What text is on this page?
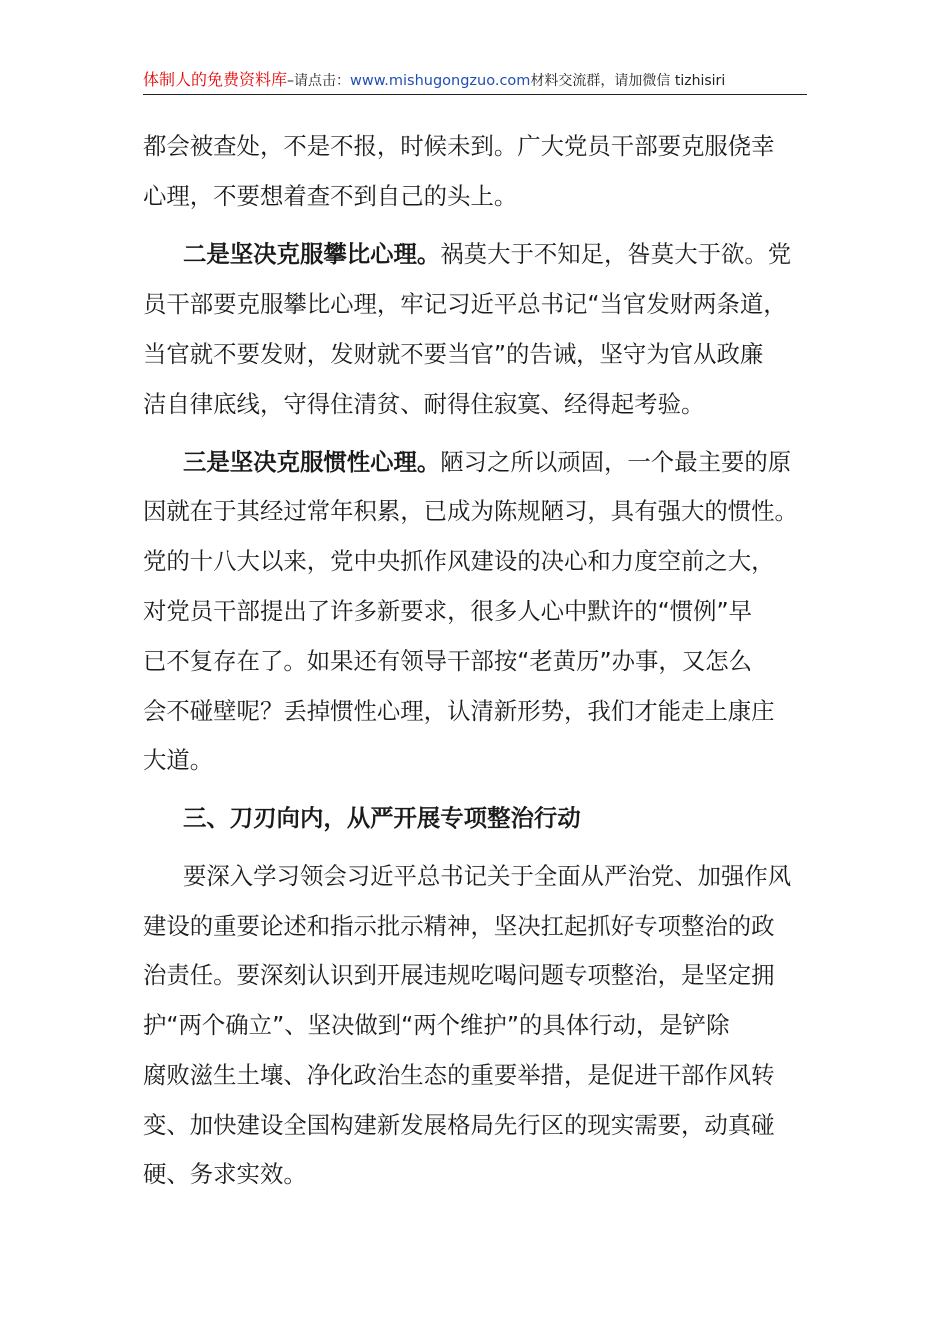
体制人的免费资料库–请点击：www.mishugongzuo.com材料交流群，请加微信 tizhisiri
都会被查处，不是不报，时候未到。广大党员干部要克服侥幸
心理，不要想着查不到自己的头上。
二是坚决克服攀比心理。祸莫大于不知足，咎莫大于欲。党
员干部要克服攀比心理，牢记习近平总书记“当官发财两条道，
当官就不要发财，发财就不要当官”的告诫，坚守为官从政廉
洁自律底线，守得住清贫、耐得住寂寞、经得起考验。
三是坚决克服惯性心理。陋习之所以顽固，一个最主要的原
因就在于其经过常年积累，已成为陈规陋习，具有强大的惯性。
党的十八大以来，党中央抓作风建设的决心和力度空前之大，
对党员干部提出了许多新要求，很多人心中默许的“惯例”早
已不复存在了。如果还有领导干部按“老黄历”办事，又怎么
会不碰壁呢？丢掉惯性心理，认清新形势，我们才能走上康庄
大道。
三、刀刃向内，从严开展专项整治行动
要深入学习领会习近平总书记关于全面从严治党、加强作风
建设的重要论述和指示批示精神，坚决扛起抓好专项整治的政
治责任。要深刻认识到开展违规吃喝问题专项整治，是坚定拥
护“两个确立”、坚决做到“两个维护”的具体行动，是铲除
腐败滋生土壤、净化政治生态的重要举措，是促进干部作风转
变、加快建设全国构建新发展格局先行区的现实需要，动真碰
硬、务求实效。
